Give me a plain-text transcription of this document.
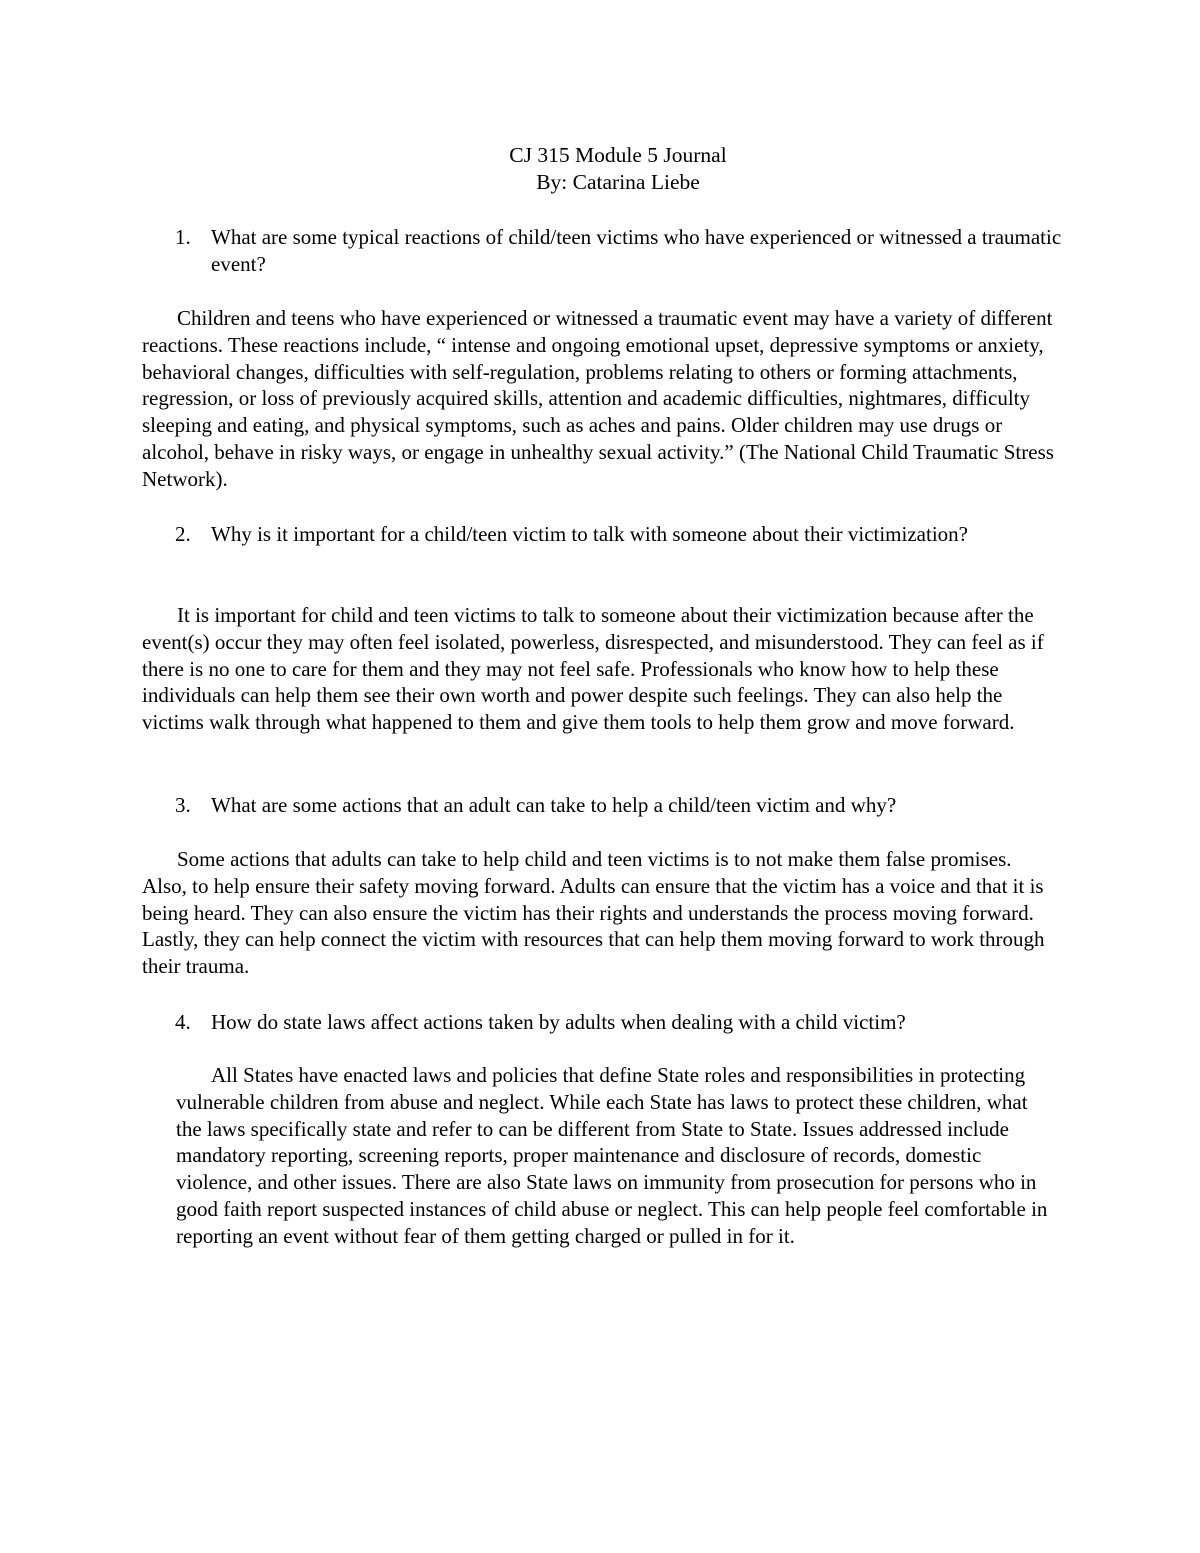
CJ 315 Module 5 Journal
By: Catarina Liebe
1. What are some typical reactions of child/teen victims who have experienced or witnessed a traumatic event?
Children and teens who have experienced or witnessed a traumatic event may have a variety of different reactions. These reactions include, “ intense and ongoing emotional upset, depressive symptoms or anxiety, behavioral changes, difficulties with self-regulation, problems relating to others or forming attachments, regression, or loss of previously acquired skills, attention and academic difficulties, nightmares, difficulty sleeping and eating, and physical symptoms, such as aches and pains. Older children may use drugs or alcohol, behave in risky ways, or engage in unhealthy sexual activity.” (The National Child Traumatic Stress Network).
2. Why is it important for a child/teen victim to talk with someone about their victimization?
It is important for child and teen victims to talk to someone about their victimization because after the event(s) occur they may often feel isolated, powerless, disrespected, and misunderstood. They can feel as if there is no one to care for them and they may not feel safe. Professionals who know how to help these individuals can help them see their own worth and power despite such feelings. They can also help the victims walk through what happened to them and give them tools to help them grow and move forward.
3. What are some actions that an adult can take to help a child/teen victim and why?
Some actions that adults can take to help child and teen victims is to not make them false promises. Also, to help ensure their safety moving forward. Adults can ensure that the victim has a voice and that it is being heard. They can also ensure the victim has their rights and understands the process moving forward. Lastly, they can help connect the victim with resources that can help them moving forward to work through their trauma.
4. How do state laws affect actions taken by adults when dealing with a child victim?
All States have enacted laws and policies that define State roles and responsibilities in protecting vulnerable children from abuse and neglect. While each State has laws to protect these children, what the laws specifically state and refer to can be different from State to State. Issues addressed include mandatory reporting, screening reports, proper maintenance and disclosure of records, domestic violence, and other issues. There are also State laws on immunity from prosecution for persons who in good faith report suspected instances of child abuse or neglect. This can help people feel comfortable in reporting an event without fear of them getting charged or pulled in for it.
